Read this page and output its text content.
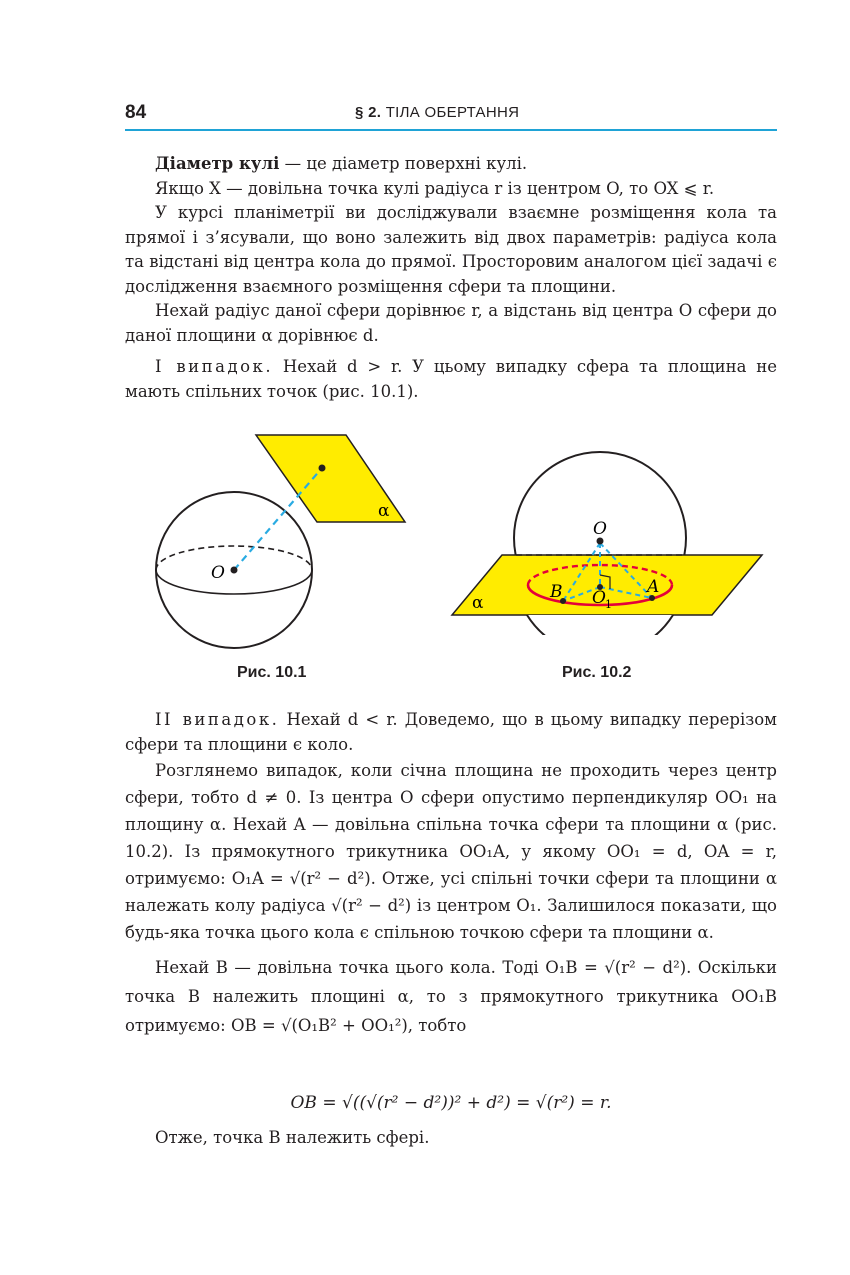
84	§ 2. ТІЛА ОБЕРТАННЯ

Діаметр кулі — це діаметр поверхні кулі.

Якщо X — довільна точка кулі радіуса r із центром O, то OX ⩽ r.

У курсі планіметрії ви досліджували взаємне розміщення кола та прямої і з’ясували, що воно залежить від двох параметрів: радіуса кола та відстані від центра кола до прямої. Просторовим аналогом цієї задачі є дослідження взаємного розміщення сфери та площини.

Нехай радіус даної сфери дорівнює r, а відстань від центра O сфери до даної площини α дорівнює d.

І випадок. Нехай d > r. У цьому випадку сфера та площина не мають спільних точок (рис. 10.1).

O
α
Рис. 10.1
O
B O 1
A
α
Рис. 10.2

ІІ випадок. Нехай d < r. Доведемо, що в цьому випадку перерізом сфери та площини є коло.

Розглянемо випадок, коли січна площина не проходить через центр сфери, тобто d ≠ 0. Із центра O сфери опустимо перпендикуляр OO₁ на площину α. Нехай A — довільна спільна точка сфери та площини α (рис. 10.2). Із прямокутного трикутника OO₁A, у якому OO₁ = d, OA = r, отримуємо: O₁A = √(r² − d²). Отже, усі спільні точки сфери та площини α належать колу радіуса √(r² − d²) із центром O₁. Залишилося показати, що будь-яка точка цього кола є спільною точкою сфери та площини α.

Нехай B — довільна точка цього кола. Тоді O₁B = √(r² − d²). Оскільки точка B належить площині α, то з прямокутного трикутника OO₁B отримуємо: OB = √(O₁B² + OO₁²), тобто

OB = √((√(r² − d²))² + d²) = √(r²) = r.

Отже, точка B належить сфері.
